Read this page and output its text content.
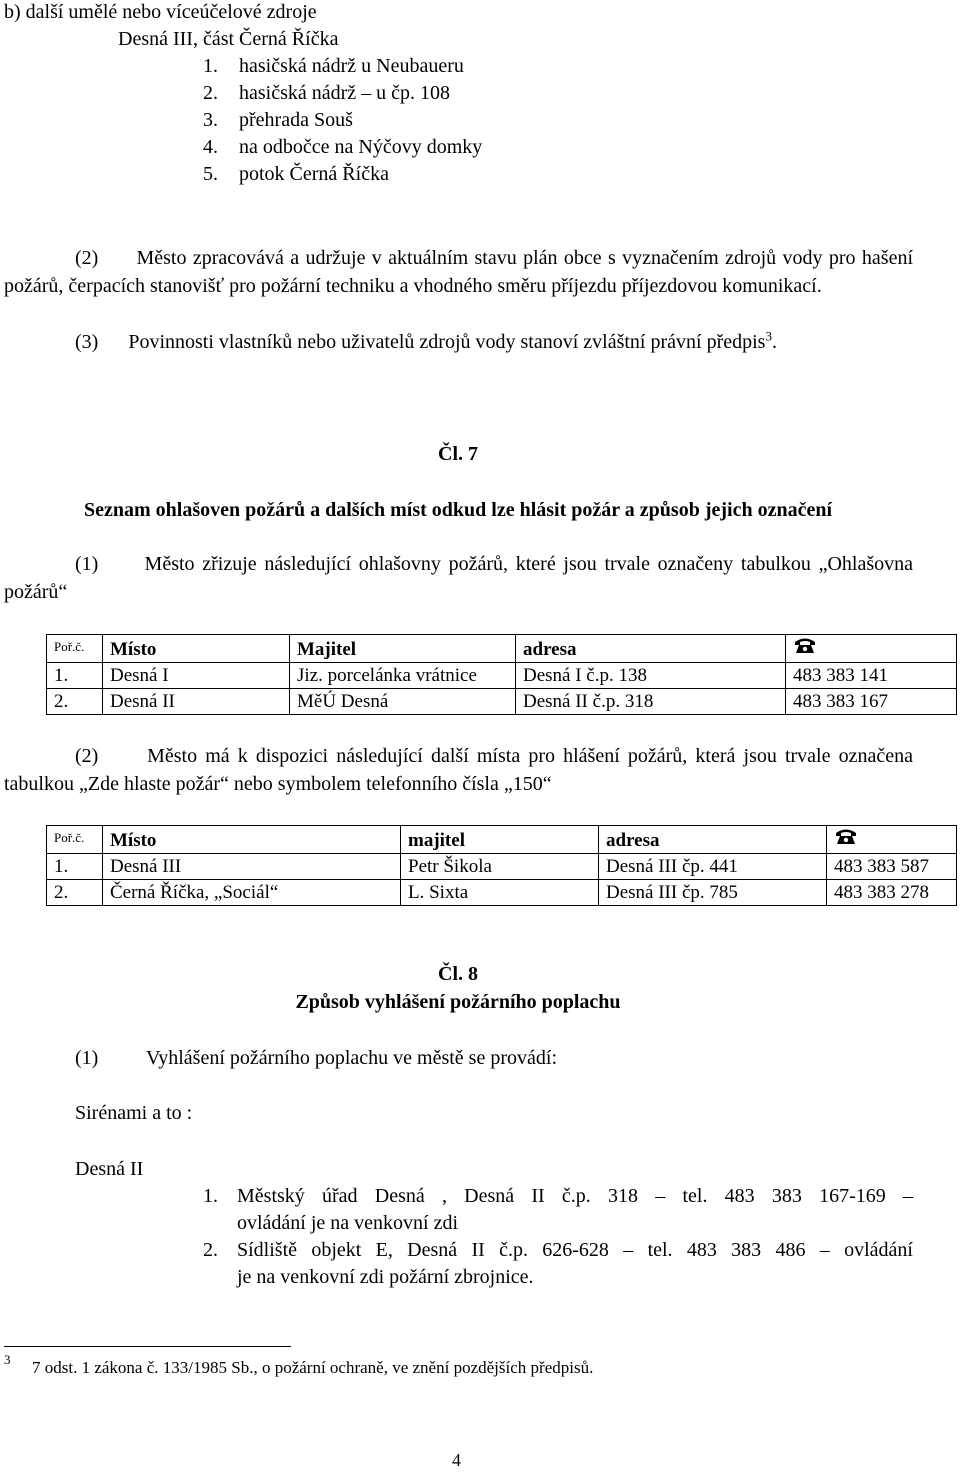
b) další umělé nebo víceúčelové zdroje
Desná III, část Černá Říčka
1. hasičská nádrž u Neubaueru
2. hasičská nádrž – u čp. 108
3. přehrada Souš
4. na odbočce na Nýčovy domky
5. potok Černá Říčka
(2) Město zpracovává a udržuje v aktuálním stavu plán obce s vyznačením zdrojů vody pro hašení požárů, čerpacích stanovišť pro požární techniku a vhodného směru příjezdu příjezdovou komunikací.
(3) Povinnosti vlastníků nebo uživatelů zdrojů vody stanoví zvláštní právní předpis$^3$.
Čl. 7
Seznam ohlašoven požárů a dalších míst odkud lze hlásit požár a způsob jejich označení
(1) Město zřizuje následující ohlašovny požárů, které jsou trvale označeny tabulkou „Ohlašovna požárů“
$^{Poř.č.}$	Místo	Majitel	adresa	
1.	Desná I	Jiz. porcelánka vrátnice	Desná I č.p. 138	483 383 141
2.	Desná II	MěÚ Desná	Desná II č.p. 318	483 383 167
(2) Město má k dispozici následující další místa pro hlášení požárů, která jsou trvale označena tabulkou „Zde hlaste požár“ nebo symbolem telefonního čísla „150“
$^{Poř.č.}$	Místo	majitel	adresa	
1.	Desná III	Petr Šikola	Desná III čp. 441	483 383 587
2.	Černá Říčka, „Sociál“	L. Sixta	Desná III čp. 785	483 383 278
Čl. 8
Způsob vyhlášení požárního poplachu
(1) Vyhlášení požárního poplachu ve městě se provádí:
Sirénami a to :
Desná II
1. Městský úřad Desná , Desná II č.p. 318 – tel. 483 383 167-169 –
ovládání je na venkovní zdi
2. Sídliště objekt E, Desná II č.p. 626-628 – tel. 483 383 486 – ovládání
je na venkovní zdi požární zbrojnice.
3 7 odst. 1 zákona č. 133/1985 Sb., o požární ochraně, ve znění pozdějších předpisů.
4
